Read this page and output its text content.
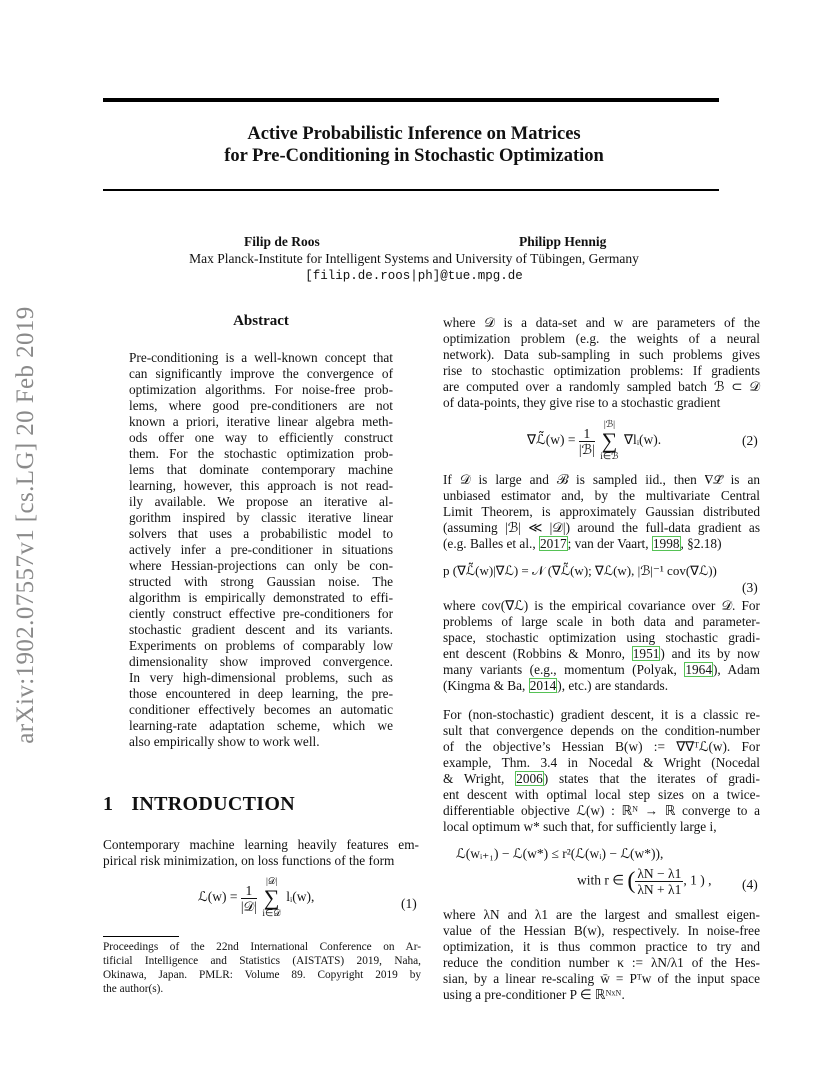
arXiv:1902.07557v1 [cs.LG] 20 Feb 2019
Active Probabilistic Inference on Matrices
for Pre-Conditioning in Stochastic Optimization
Filip de Roos	Philipp Hennig
Max Planck-Institute for Intelligent Systems and University of Tübingen, Germany
[filip.de.roos|ph]@tue.mpg.de
Abstract
Pre-conditioning is a well-known concept that
can significantly improve the convergence of
optimization algorithms. For noise-free prob-
lems, where good pre-conditioners are not
known a priori, iterative linear algebra meth-
ods offer one way to efficiently construct
them. For the stochastic optimization prob-
lems that dominate contemporary machine
learning, however, this approach is not read-
ily available. We propose an iterative al-
gorithm inspired by classic iterative linear
solvers that uses a probabilistic model to
actively infer a pre-conditioner in situations
where Hessian-projections can only be con-
structed with strong Gaussian noise. The
algorithm is empirically demonstrated to effi-
ciently construct effective pre-conditioners for
stochastic gradient descent and its variants.
Experiments on problems of comparably low
dimensionality show improved convergence.
In very high-dimensional problems, such as
those encountered in deep learning, the pre-
conditioner effectively becomes an automatic
learning-rate adaptation scheme, which we
also empirically show to work well.
1 INTRODUCTION
Contemporary machine learning heavily features em-
pirical risk minimization, on loss functions of the form
ℒ(w) = $\frac{1}{\text{|𝒟|}}$

|𝒟|
∑
i∈𝒟
lᵢ(w),	(1)
Proceedings of the 22nd International Conference on Ar-
tificial Intelligence and Statistics (AISTATS) 2019, Naha,
Okinawa, Japan. PMLR: Volume 89. Copyright 2019 by
the author(s).
where 𝒟 is a data-set and w are parameters of the
optimization problem (e.g. the weights of a neural
network). Data sub-sampling in such problems gives
rise to stochastic optimization problems: If gradients
are computed over a randomly sampled batch ℬ ⊂ 𝒟
of data-points, they give rise to a stochastic gradient
∇ℒ̃(w) = $\frac{1}{\text{|ℬ|}}$

|ℬ|
∑
i∈ℬ
∇lᵢ(w).	(2)
If 𝒟 is large and ℬ is sampled iid., then ∇ℒ̃ is an
unbiased estimator and, by the multivariate Central
Limit Theorem, is approximately Gaussian distributed
(assuming |ℬ| ≪ |𝒟|) around the full-data gradient as
(e.g. Balles et al., 2017; van der Vaart, 1998, §2.18)
p (∇ℒ̃(w)|∇ℒ) = 𝒩 (∇ℒ̃(w); ∇ℒ(w), |ℬ|⁻¹ cov(∇ℒ))
(3)
where cov(∇ℒ) is the empirical covariance over 𝒟. For
problems of large scale in both data and parameter-
space, stochastic optimization using stochastic gradi-
ent descent (Robbins & Monro, 1951) and its by now
many variants (e.g., momentum (Polyak, 1964), Adam
(Kingma & Ba, 2014), etc.) are standards.
For (non-stochastic) gradient descent, it is a classic re-
sult that convergence depends on the condition-number
of the objective’s Hessian B(w) := ∇∇ᵀℒ(w). For
example, Thm. 3.4 in Nocedal & Wright (Nocedal
& Wright, 2006) states that the iterates of gradi-
ent descent with optimal local step sizes on a twice-
differentiable objective ℒ(w) : ℝᴺ → ℝ converge to a
local optimum w* such that, for sufficiently large i,
ℒ(wᵢ₊₁) − ℒ(w*) ≤ r²(ℒ(wᵢ) − ℒ(w*)),
with r ∈ ( $\frac{\lambda N - \lambda 1}{\lambda N + \lambda 1}$ , 1 ) , (4)
where λN and λ1 are the largest and smallest eigen-
value of the Hessian B(w), respectively. In noise-free
optimization, it is thus common practice to try and
reduce the condition number κ := λN/λ1 of the Hes-
sian, by a linear re-scaling w̄ = Pᵀw of the input space
using a pre-conditioner P ∈ ℝᴺˣᴺ.
